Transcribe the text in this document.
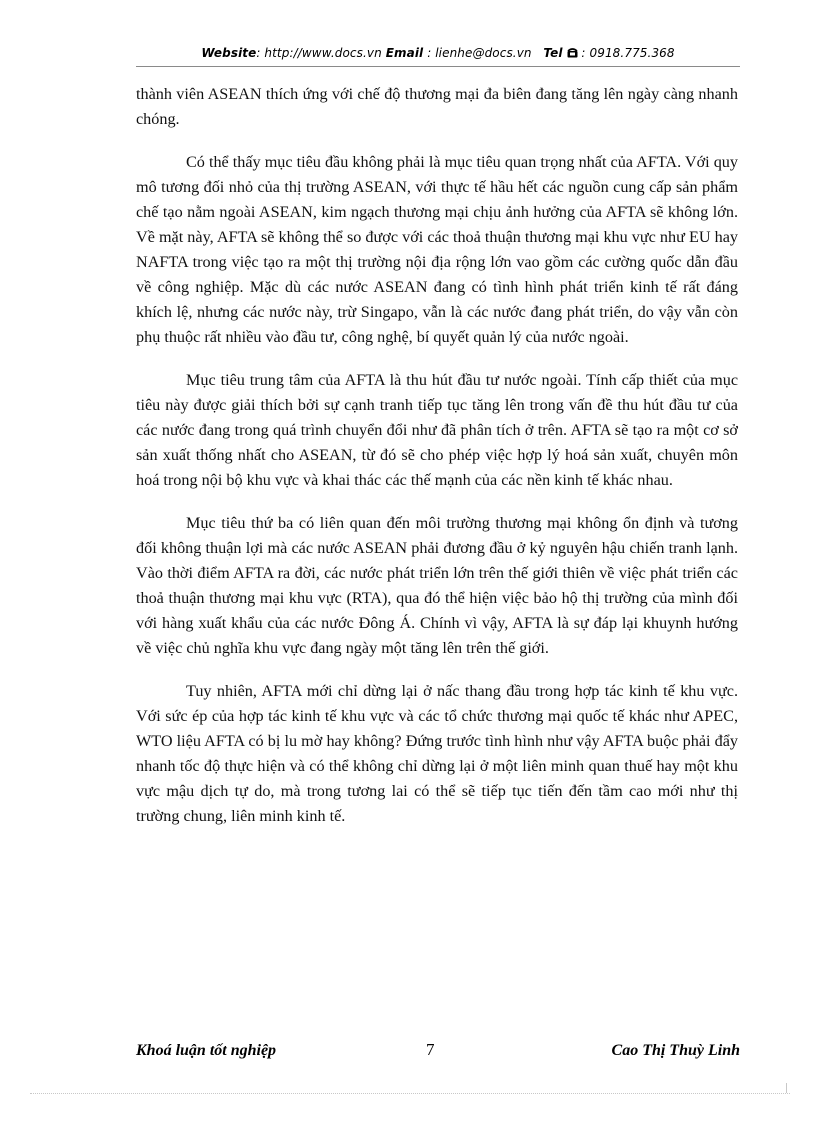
Website: http://www.docs.vn Email : lienhe@docs.vn Tel : 0918.775.368

thành viên ASEAN thích ứng với chế độ thương mại đa biên đang tăng lên ngày càng nhanh chóng.

Có thể thấy mục tiêu đầu không phải là mục tiêu quan trọng nhất của AFTA. Với quy mô tương đối nhỏ của thị trường ASEAN, với thực tế hầu hết các nguồn cung cấp sản phẩm chế tạo nằm ngoài ASEAN, kim ngạch thương mại chịu ảnh hưởng của AFTA sẽ không lớn. Về mặt này, AFTA sẽ không thể so được với các thoả thuận thương mại khu vực như EU hay NAFTA trong việc tạo ra một thị trường nội địa rộng lớn vao gồm các cường quốc dẫn đầu về công nghiệp. Mặc dù các nước ASEAN đang có tình hình phát triển kinh tế rất đáng khích lệ, nhưng các nước này, trừ Singapo, vẫn là các nước đang phát triển, do vậy vẫn còn phụ thuộc rất nhiều vào đầu tư, công nghệ, bí quyết quản lý của nước ngoài.

Mục tiêu trung tâm của AFTA là thu hút đầu tư nước ngoài. Tính cấp thiết của mục tiêu này được giải thích bởi sự cạnh tranh tiếp tục tăng lên trong vấn đề thu hút đầu tư của các nước đang trong quá trình chuyển đổi như đã phân tích ở trên. AFTA sẽ tạo ra một cơ sở sản xuất thống nhất cho ASEAN, từ đó sẽ cho phép việc hợp lý hoá sản xuất, chuyên môn hoá trong nội bộ khu vực và khai thác các thế mạnh của các nền kinh tế khác nhau.

Mục tiêu thứ ba có liên quan đến môi trường thương mại không ổn định và tương đối không thuận lợi mà các nước ASEAN phải đương đầu ở kỷ nguyên hậu chiến tranh lạnh. Vào thời điểm AFTA ra đời, các nước phát triển lớn trên thế giới thiên về việc phát triển các thoả thuận thương mại khu vực (RTA), qua đó thể hiện việc bảo hộ thị trường của mình đối với hàng xuất khẩu của các nước Đông Á. Chính vì vậy, AFTA là sự đáp lại khuynh hướng về việc chủ nghĩa khu vực đang ngày một tăng lên trên thế giới.

Tuy nhiên, AFTA mới chỉ dừng lại ở nấc thang đầu trong hợp tác kinh tế khu vực. Với sức ép của hợp tác kinh tế khu vực và các tổ chức thương mại quốc tế khác như APEC, WTO liệu AFTA có bị lu mờ hay không? Đứng trước tình hình như vậy AFTA buộc phải đẩy nhanh tốc độ thực hiện và có thể không chỉ dừng lại ở một liên minh quan thuế hay một khu vực mậu dịch tự do, mà trong tương lai có thể sẽ tiếp tục tiến đến tầm cao mới như thị trường chung, liên minh kinh tế.

Khoá luận tốt nghiệp	7	Cao Thị Thuỳ Linh
